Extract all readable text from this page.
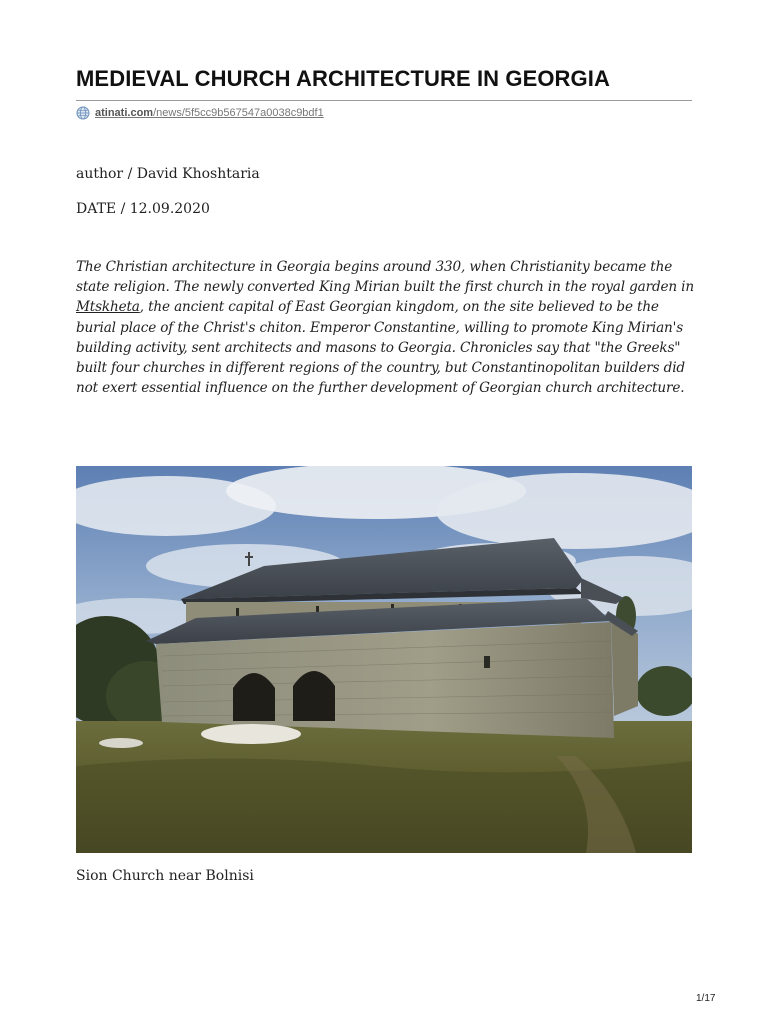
MEDIEVAL CHURCH ARCHITECTURE IN GEORGIA
atinati.com/news/5f5cc9b567547a0038c9bdf1
author / David Khoshtaria
DATE / 12.09.2020

The Christian architecture in Georgia begins around 330, when Christianity became the state religion. The newly converted King Mirian built the first church in the royal garden in Mtskheta, the ancient capital of East Georgian kingdom, on the site believed to be the burial place of the Christ's chiton. Emperor Constantine, willing to promote King Mirian's building activity, sent architects and masons to Georgia. Chronicles say that "the Greeks" built four churches in different regions of the country, but Constantinopolitan builders did not exert essential influence on the further development of Georgian church architecture.

Sion Church near Bolnisi
1/17
